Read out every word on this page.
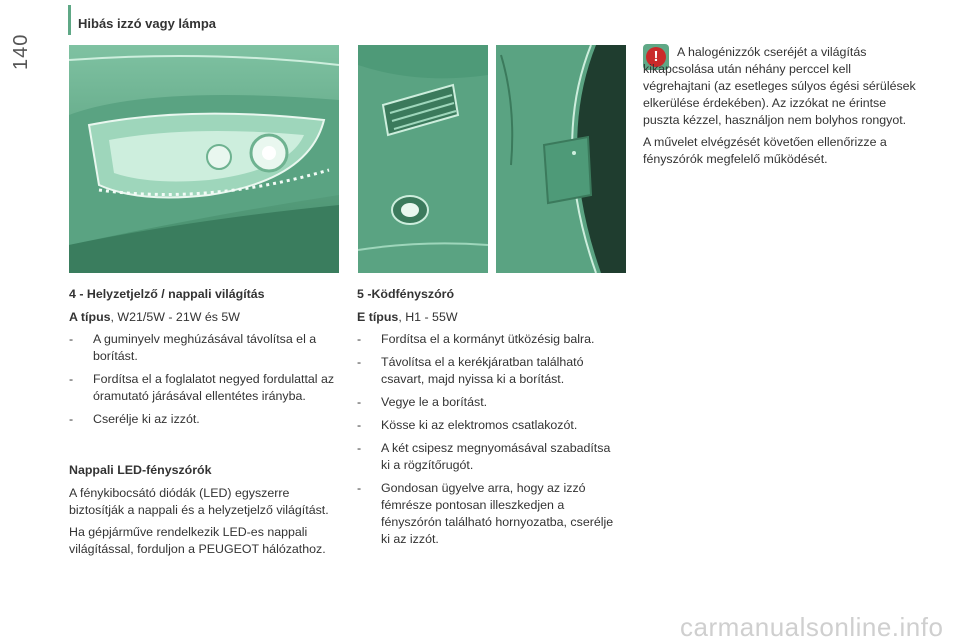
Hibás izzó vagy lámpa
140

4 - Helyzetjelző / nappali világítás

A típus, W21/5W - 21W és 5W

- A guminyelv meghúzásával távolítsa el a borítást.
- Fordítsa el a foglalatot negyed fordulattal az óramutató járásával ellentétes irányba.
- Cserélje ki az izzót.

Nappali LED-fényszórók

A fénykibocsátó diódák (LED) egyszerre biztosítják a nappali és a helyzetjelző világítást.

Ha gépjárműve rendelkezik LED-es nappali világítással, forduljon a PEUGEOT hálózathoz.

5 -Ködfényszóró

E típus, H1 - 55W

- Fordítsa el a kormányt ütközésig balra.
- Távolítsa el a kerékjáratban található csavart, majd nyissa ki a borítást.
- Vegye le a borítást.
- Kösse ki az elektromos csatlakozót.
- A két csipesz megnyomásával szabadítsa ki a rögzítőrugót.
- Gondosan ügyelve arra, hogy az izzó fémrésze pontosan illeszkedjen a fényszórón található hornyozatba, cserélje ki az izzót.
!	A halogénizzók cseréjét a világítás kikapcsolása után néhány perccel kell végrehajtani (az esetleges súlyos égési sérülések elkerülése érdekében). Az izzókat ne érintse puszta kézzel, használjon nem bolyhos rongyot.

A művelet elvégzését követően ellenőrizze a fényszórók megfelelő működését.

carmanualsonline.info
